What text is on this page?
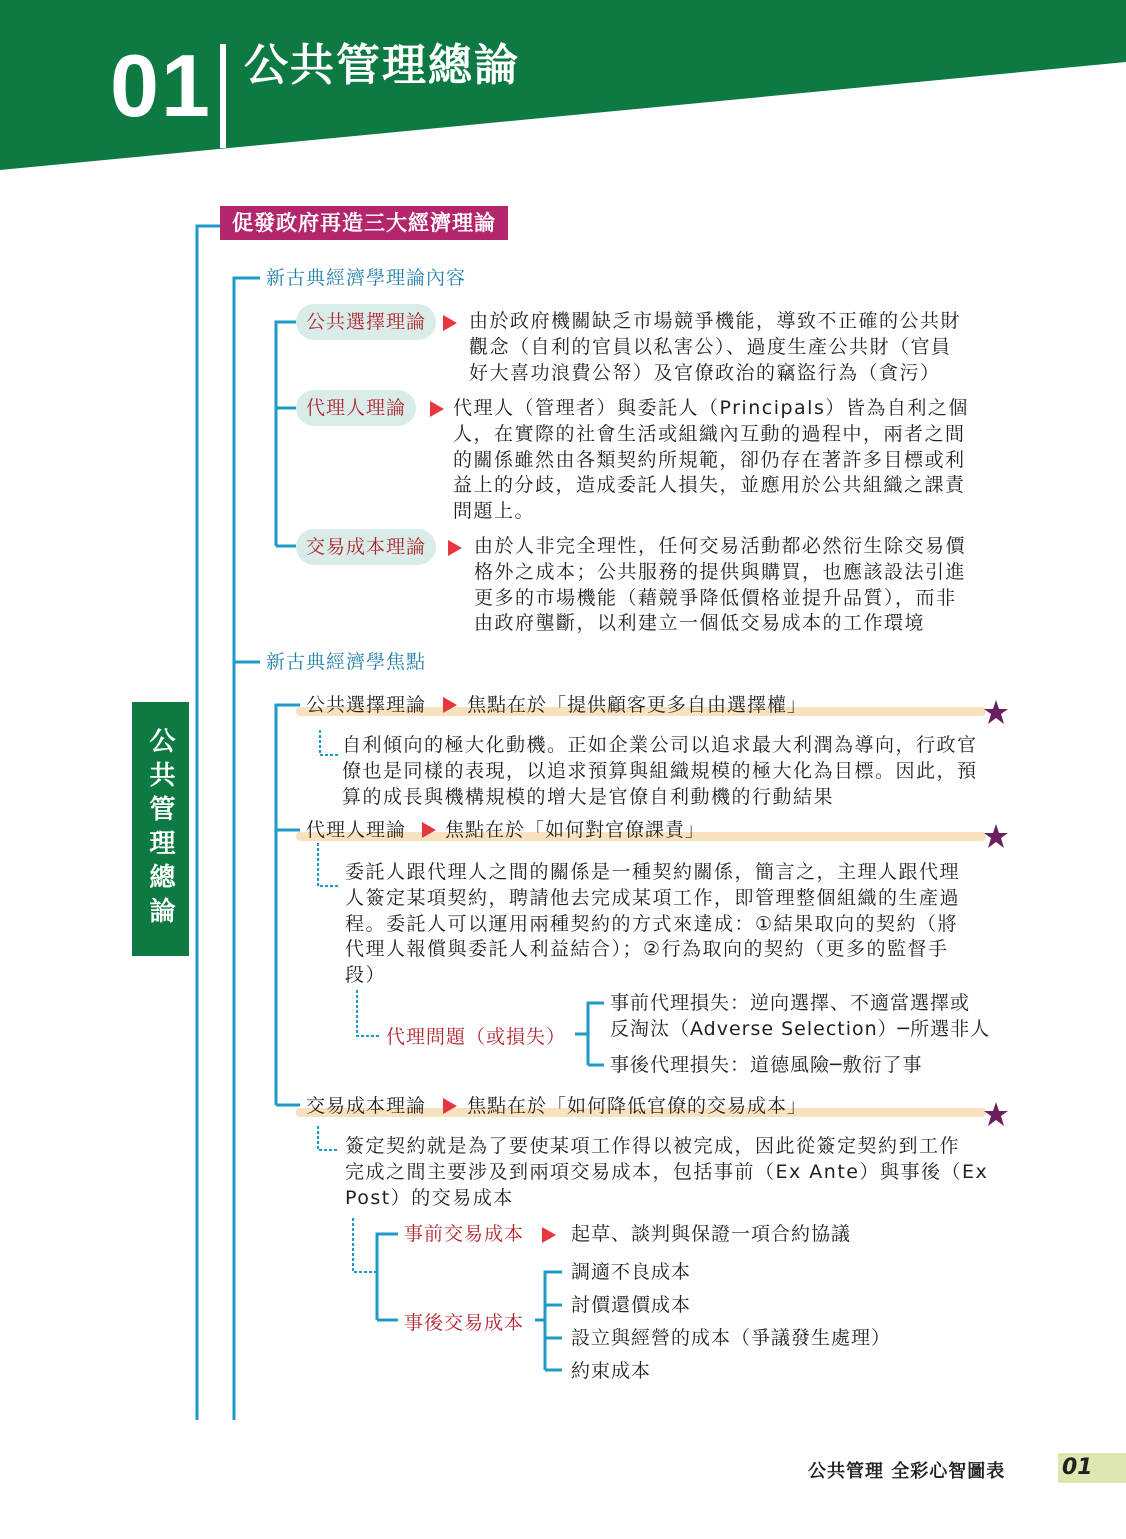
01 公共管理總論
公共管理總論
促發政府再造三大經濟理論
新古典經濟學理論內容
公共選擇理論	由於政府機關缺乏市場競爭機能，導致不正確的公共財
觀念（自利的官員以私害公）、過度生產公共財（官員
好大喜功浪費公帑）及官僚政治的竊盜行為（貪污）
代理人理論	代理人（管理者）與委託人（Principals）皆為自利之個
人，在實際的社會生活或組織內互動的過程中，兩者之間
的關係雖然由各類契約所規範，卻仍存在著許多目標或利
益上的分歧，造成委託人損失，並應用於公共組織之課責
問題上。
交易成本理論	由於人非完全理性，任何交易活動都必然衍生除交易價
格外之成本；公共服務的提供與購買，也應該設法引進
更多的市場機能（藉競爭降低價格並提升品質），而非
由政府壟斷，以利建立一個低交易成本的工作環境
新古典經濟學焦點
公共選擇理論 焦點在於「提供顧客更多自由選擇權」
自利傾向的極大化動機。正如企業公司以追求最大利潤為導向，行政官
僚也是同樣的表現，以追求預算與組織規模的極大化為目標。因此，預
算的成長與機構規模的增大是官僚自利動機的行動結果
代理人理論 焦點在於「如何對官僚課責」
委託人跟代理人之間的關係是一種契約關係，簡言之，主理人跟代理
人簽定某項契約，聘請他去完成某項工作，即管理整個組織的生產過
程。委託人可以運用兩種契約的方式來達成：①結果取向的契約（將
代理人報償與委託人利益結合）；②行為取向的契約（更多的監督手
段）
代理問題（或損失）
事前代理損失：逆向選擇、不適當選擇或
反淘汰（Adverse Selection）─所選非人
事後代理損失：道德風險─敷衍了事
交易成本理論 焦點在於「如何降低官僚的交易成本」
簽定契約就是為了要使某項工作得以被完成，因此從簽定契約到工作
完成之間主要涉及到兩項交易成本，包括事前（Ex Ante）與事後（Ex
Post）的交易成本
事前交易成本 起草、談判與保證一項合約協議
事後交易成本
調適不良成本
討價還價成本
設立與經營的成本（爭議發生處理）
約束成本
公共管理 全彩心智圖表	01
